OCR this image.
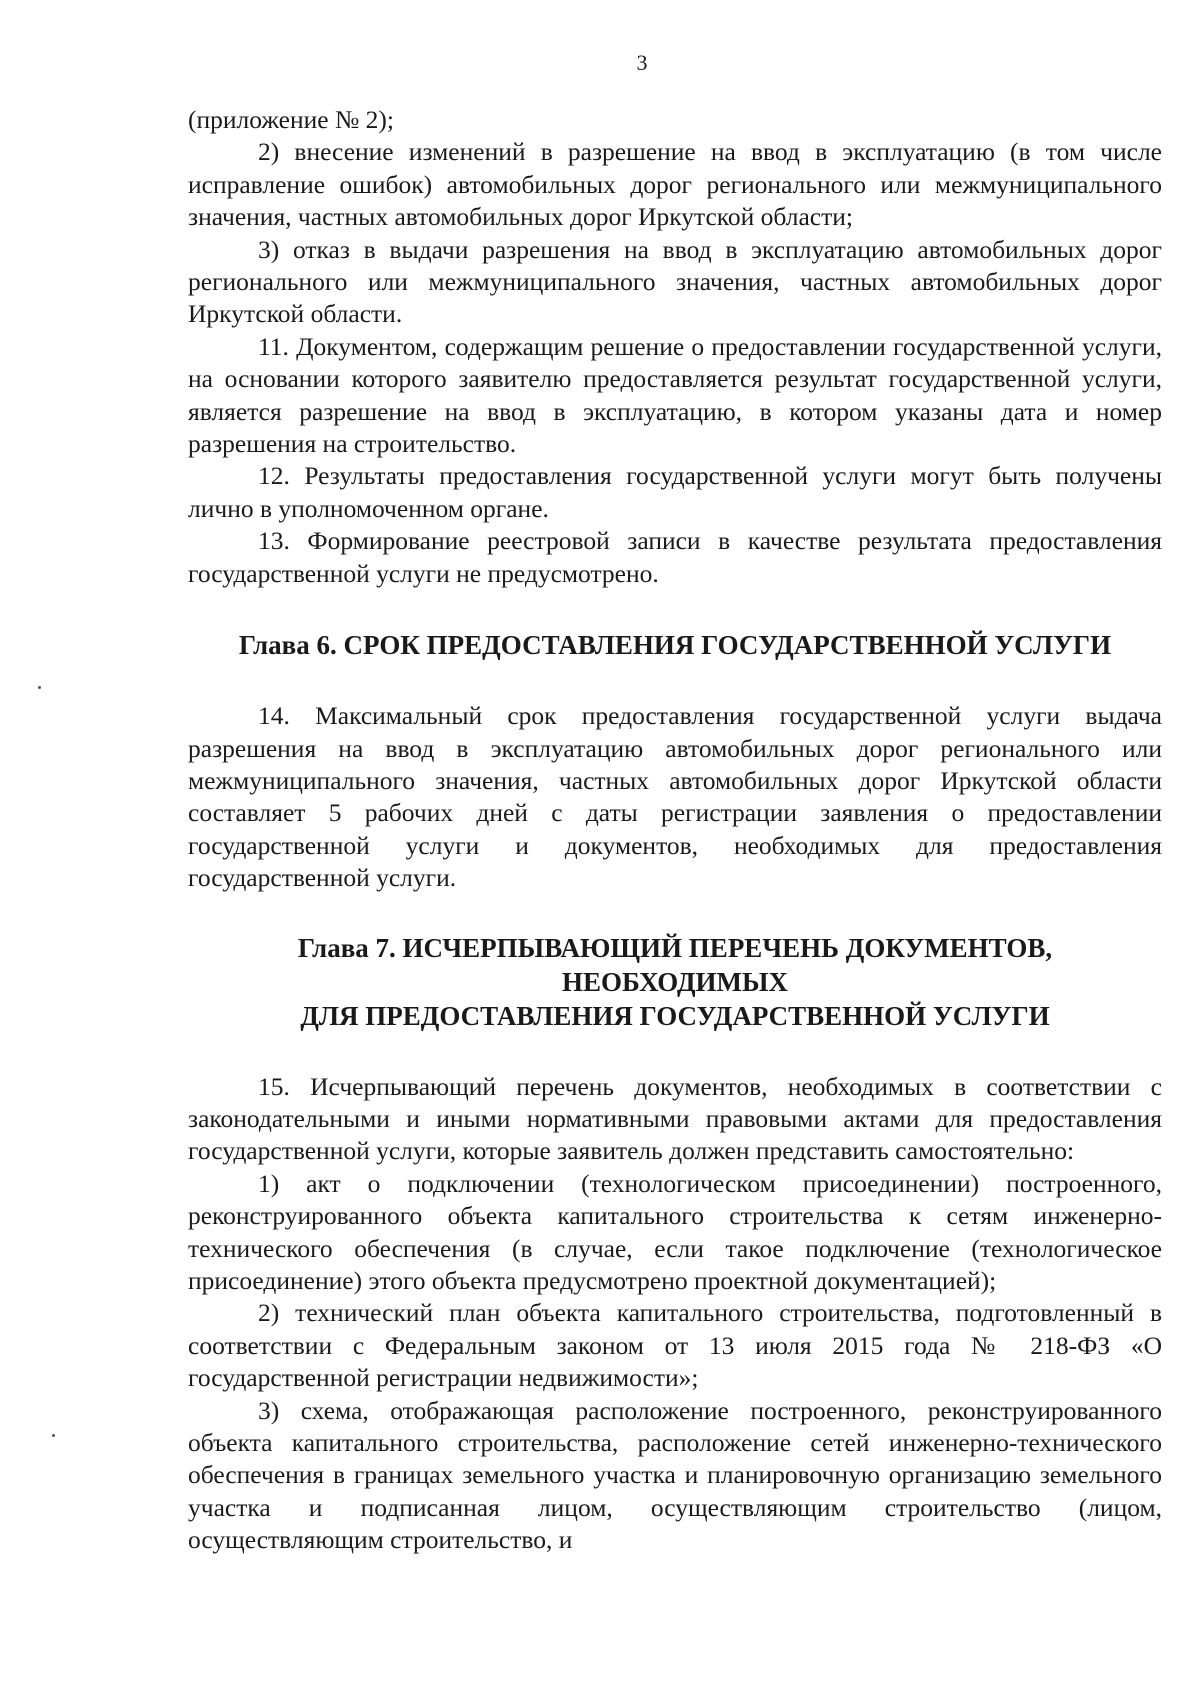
3

(приложение № 2);

2) внесение изменений в разрешение на ввод в эксплуатацию (в том числе исправление ошибок) автомобильных дорог регионального или межмуниципального значения, частных автомобильных дорог Иркутской области;

3) отказ в выдачи разрешения на ввод в эксплуатацию автомобильных дорог регионального или межмуниципального значения, частных автомобильных дорог Иркутской области.

11. Документом, содержащим решение о предоставлении государственной услуги, на основании которого заявителю предоставляется результат государственной услуги, является разрешение на ввод в эксплуатацию, в котором указаны дата и номер разрешения на строительство.

12. Результаты предоставления государственной услуги могут быть получены лично в уполномоченном органе.

13. Формирование реестровой записи в качестве результата предоставления государственной услуги не предусмотрено.

Глава 6. СРОК ПРЕДОСТАВЛЕНИЯ ГОСУДАРСТВЕННОЙ УСЛУГИ

14. Максимальный срок предоставления государственной услуги выдача разрешения на ввод в эксплуатацию автомобильных дорог регионального или межмуниципального значения, частных автомобильных дорог Иркутской области составляет 5 рабочих дней с даты регистрации заявления о предоставлении государственной услуги и документов, необходимых для предоставления государственной услуги.

Глава 7. ИСЧЕРПЫВАЮЩИЙ ПЕРЕЧЕНЬ ДОКУМЕНТОВ, НЕОБХОДИМЫХ
ДЛЯ ПРЕДОСТАВЛЕНИЯ ГОСУДАРСТВЕННОЙ УСЛУГИ

15. Исчерпывающий перечень документов, необходимых в соответствии с законодательными и иными нормативными правовыми актами для предоставления государственной услуги, которые заявитель должен представить самостоятельно:

1) акт о подключении (технологическом присоединении) построенного, реконструированного объекта капитального строительства к сетям инженерно-технического обеспечения (в случае, если такое подключение (технологическое присоединение) этого объекта предусмотрено проектной документацией);

2) технический план объекта капитального строительства, подготовленный в соответствии с Федеральным законом от 13 июля 2015 года № 218-ФЗ «О государственной регистрации недвижимости»;

3) схема, отображающая расположение построенного, реконструированного объекта капитального строительства, расположение сетей инженерно-технического обеспечения в границах земельного участка и планировочную организацию земельного участка и подписанная лицом, осуществляющим строительство (лицом, осуществляющим строительство, и
